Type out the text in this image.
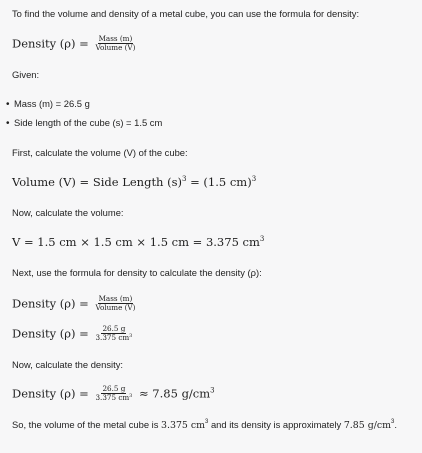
To find the volume and density of a metal cube, you can use the formula for density:
Density $(\rho) = \frac{\text{Mass (m)}}{\text{Volume (V)}}$
Given:
• Mass (m) = 26.5 g
• Side length of the cube (s) = 1.5 cm
First, calculate the volume (V) of the cube:
Volume (V) = Side Length $(s)^3 = (1.5$ cm)$^3$
Now, calculate the volume:
V = 1.5 cm × 1.5 cm × 1.5 cm = 3.375 $cm^3$
Next, use the formula for density to calculate the density (ρ):
Density $(\rho) = \frac{\text{Mass (m)}}{\text{Volume (V)}}$
Density $(\rho) = \frac{26.5 g}{3.375 cm^3}$
Now, calculate the density:
Density $(\rho) = \frac{26.5 g}{3.375 cm^3} \approx 7.85$ $g/cm^3$
So, the volume of the metal cube is 3.375 $cm^3$ and its density is approximately 7.85 $g/cm^3$.
